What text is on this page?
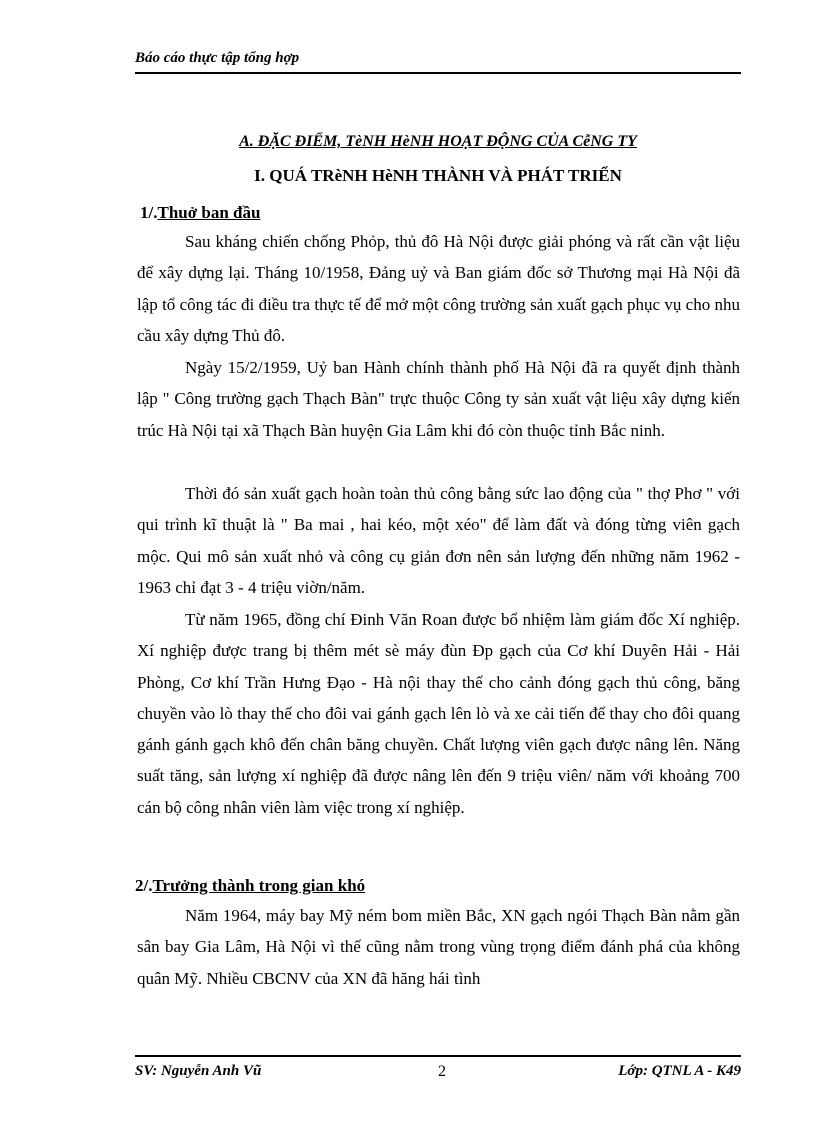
Báo cáo thực tập tổng hợp
A. ĐẶC ĐIỂM, TèNH HèNH HOẠT ĐỘNG CỦA CễNG TY
I. QUÁ TRèNH HèNH THÀNH VÀ PHÁT TRIỂN
1/.Thuở ban đầu

Sau kháng chiến chống Phỏp, thủ đô Hà Nội được giải phóng và rất cần vật liệu để xây dựng lại. Tháng 10/1958, Đảng uỷ và Ban giám đốc sở Thương mại Hà Nội đã lập tổ công tác đi điều tra thực tế để mở một công trường sản xuất gạch phục vụ cho nhu cầu xây dựng Thủ đô.

Ngày 15/2/1959, Uỷ ban Hành chính thành phố Hà Nội đã ra quyết định thành lập " Công trường gạch Thạch Bàn" trực thuộc Công ty sản xuất vật liệu xây dựng kiến trúc Hà Nội tại xã Thạch Bàn huyện Gia Lâm khi đó còn thuộc tỉnh Bắc ninh.

Thời đó sản xuất gạch hoàn toàn thủ công bằng sức lao động của " thợ Phơ " với qui trình kĩ thuật là " Ba mai , hai kéo, một xéo" để làm đất và đóng từng viên gạch mộc. Qui mô sản xuất nhỏ và công cụ giản đơn nên sản lượng đến những năm 1962 - 1963 chỉ đạt 3 - 4 triệu viờn/năm.

Từ năm 1965, đồng chí Đinh Văn Roan được bổ nhiệm làm giám đốc Xí nghiệp. Xí nghiệp được trang bị thêm mét sè máy đùn Ðp gạch của Cơ khí Duyên Hải - Hải Phòng, Cơ khí Trần Hưng Đạo - Hà nội thay thế cho cảnh đóng gạch thủ công, băng chuyền vào lò thay thế cho đôi vai gánh gạch lên lò và xe cải tiến để thay cho đôi quang gánh gánh gạch khô đến chân băng chuyền. Chất lượng viên gạch được nâng lên. Năng suất tăng, sản lượng xí nghiệp đã được nâng lên đến 9 triệu viên/ năm với khoảng 700 cán bộ công nhân viên làm việc trong xí nghiệp.

2/.Trưởng thành trong gian khó

Năm 1964, máy bay Mỹ ném bom miền Bắc, XN gạch ngói Thạch Bàn nằm gần sân bay Gia Lâm, Hà Nội vì thế cũng nằm trong vùng trọng điểm đánh phá của không quân Mỹ. Nhiều CBCNV của XN đã hăng hái tình

SV: Nguyễn Anh Vũ	2	Lớp: QTNL A - K49
